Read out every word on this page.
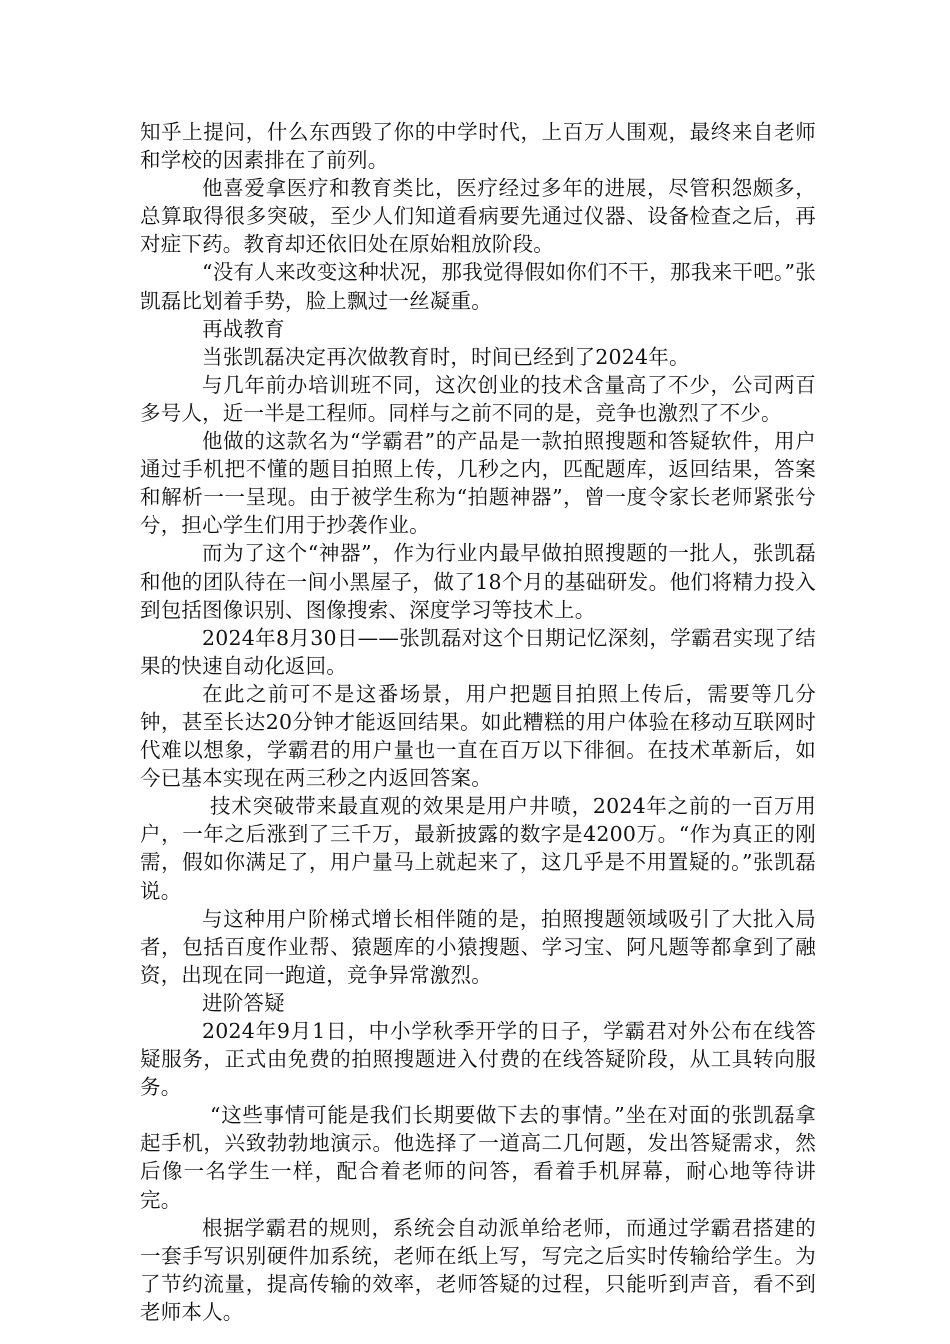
知乎上提问，什么东西毁了你的中学时代，上百万人围观，最终来自老师和学校的因素排在了前列。

他喜爱拿医疗和教育类比，医疗经过多年的进展，尽管积怨颇多，总算取得很多突破，至少人们知道看病要先通过仪器、设备检查之后，再对症下药。教育却还依旧处在原始粗放阶段。

“没有人来改变这种状况，那我觉得假如你们不干，那我来干吧。”张凯磊比划着手势，脸上飘过一丝凝重。

再战教育

当张凯磊决定再次做教育时，时间已经到了2024年。

与几年前办培训班不同，这次创业的技术含量高了不少，公司两百多号人，近一半是工程师。同样与之前不同的是，竞争也激烈了不少。

他做的这款名为“学霸君”的产品是一款拍照搜题和答疑软件，用户通过手机把不懂的题目拍照上传，几秒之内，匹配题库，返回结果，答案和解析一一呈现。由于被学生称为“拍题神器”，曾一度令家长老师紧张兮兮，担心学生们用于抄袭作业。

而为了这个“神器”，作为行业内最早做拍照搜题的一批人，张凯磊和他的团队待在一间小黑屋子，做了18个月的基础研发。他们将精力投入到包括图像识别、图像搜索、深度学习等技术上。

2024年8月30日——张凯磊对这个日期记忆深刻，学霸君实现了结果的快速自动化返回。

在此之前可不是这番场景，用户把题目拍照上传后，需要等几分钟，甚至长达20分钟才能返回结果。如此糟糕的用户体验在移动互联网时代难以想象，学霸君的用户量也一直在百万以下徘徊。在技术革新后，如今已基本实现在两三秒之内返回答案。

技术突破带来最直观的效果是用户井喷，2024年之前的一百万用户，一年之后涨到了三千万，最新披露的数字是4200万。“作为真正的刚需，假如你满足了，用户量马上就起来了，这几乎是不用置疑的。”张凯磊说。

与这种用户阶梯式增长相伴随的是，拍照搜题领域吸引了大批入局者，包括百度作业帮、猿题库的小猿搜题、学习宝、阿凡题等都拿到了融资，出现在同一跑道，竞争异常激烈。

进阶答疑

2024年9月1日，中小学秋季开学的日子，学霸君对外公布在线答疑服务，正式由免费的拍照搜题进入付费的在线答疑阶段，从工具转向服务。

“这些事情可能是我们长期要做下去的事情。”坐在对面的张凯磊拿起手机，兴致勃勃地演示。他选择了一道高二几何题，发出答疑需求，然后像一名学生一样，配合着老师的问答，看着手机屏幕，耐心地等待讲完。

根据学霸君的规则，系统会自动派单给老师，而通过学霸君搭建的一套手写识别硬件加系统，老师在纸上写，写完之后实时传输给学生。为了节约流量，提高传输的效率，老师答疑的过程，只能听到声音，看不到老师本人。
